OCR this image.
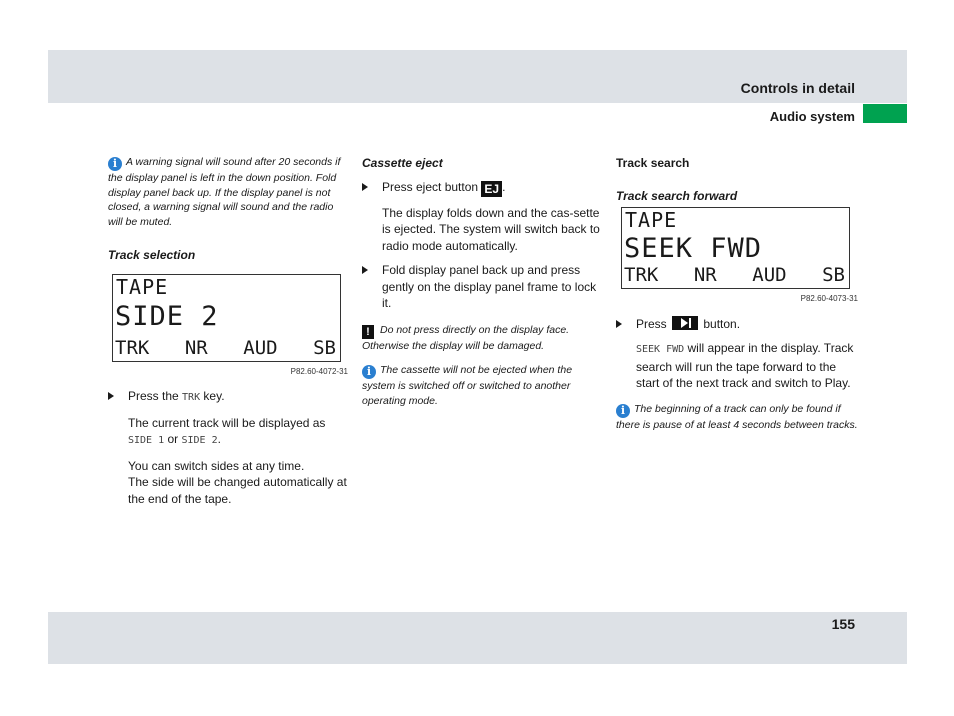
Controls in detail
Audio system

i A warning signal will sound after 20 seconds if the display panel is left in the down position. Fold display panel back up. If the display panel is not closed, a warning signal will sound and the radio will be muted.

Track selection

TAPE
SIDE 2
TRK NR AUD SB
P82.60-4072-31

Press the TRK key.

The current track will be displayed as SIDE 1 or SIDE 2.

You can switch sides at any time.
The side will be changed automatically at the end of the tape.

Cassette eject

Press eject button EJ .

The display folds down and the cas-sette is ejected. The system will switch back to radio mode automatically.

Fold display panel back up and press gently on the display panel frame to lock it.

! Do not press directly on the display face. Otherwise the display will be damaged.

i The cassette will not be ejected when the system is switched off or switched to another operating mode.

Track search

Track search forward

TAPE
SEEK FWD
TRK NR AUD SB
P82.60-4073-31

Press	button.

SEEK FWD will appear in the display. Track search will run the tape forward to the start of the next track and switch to Play.

i The beginning of a track can only be found if there is pause of at least 4 seconds between tracks.

155
